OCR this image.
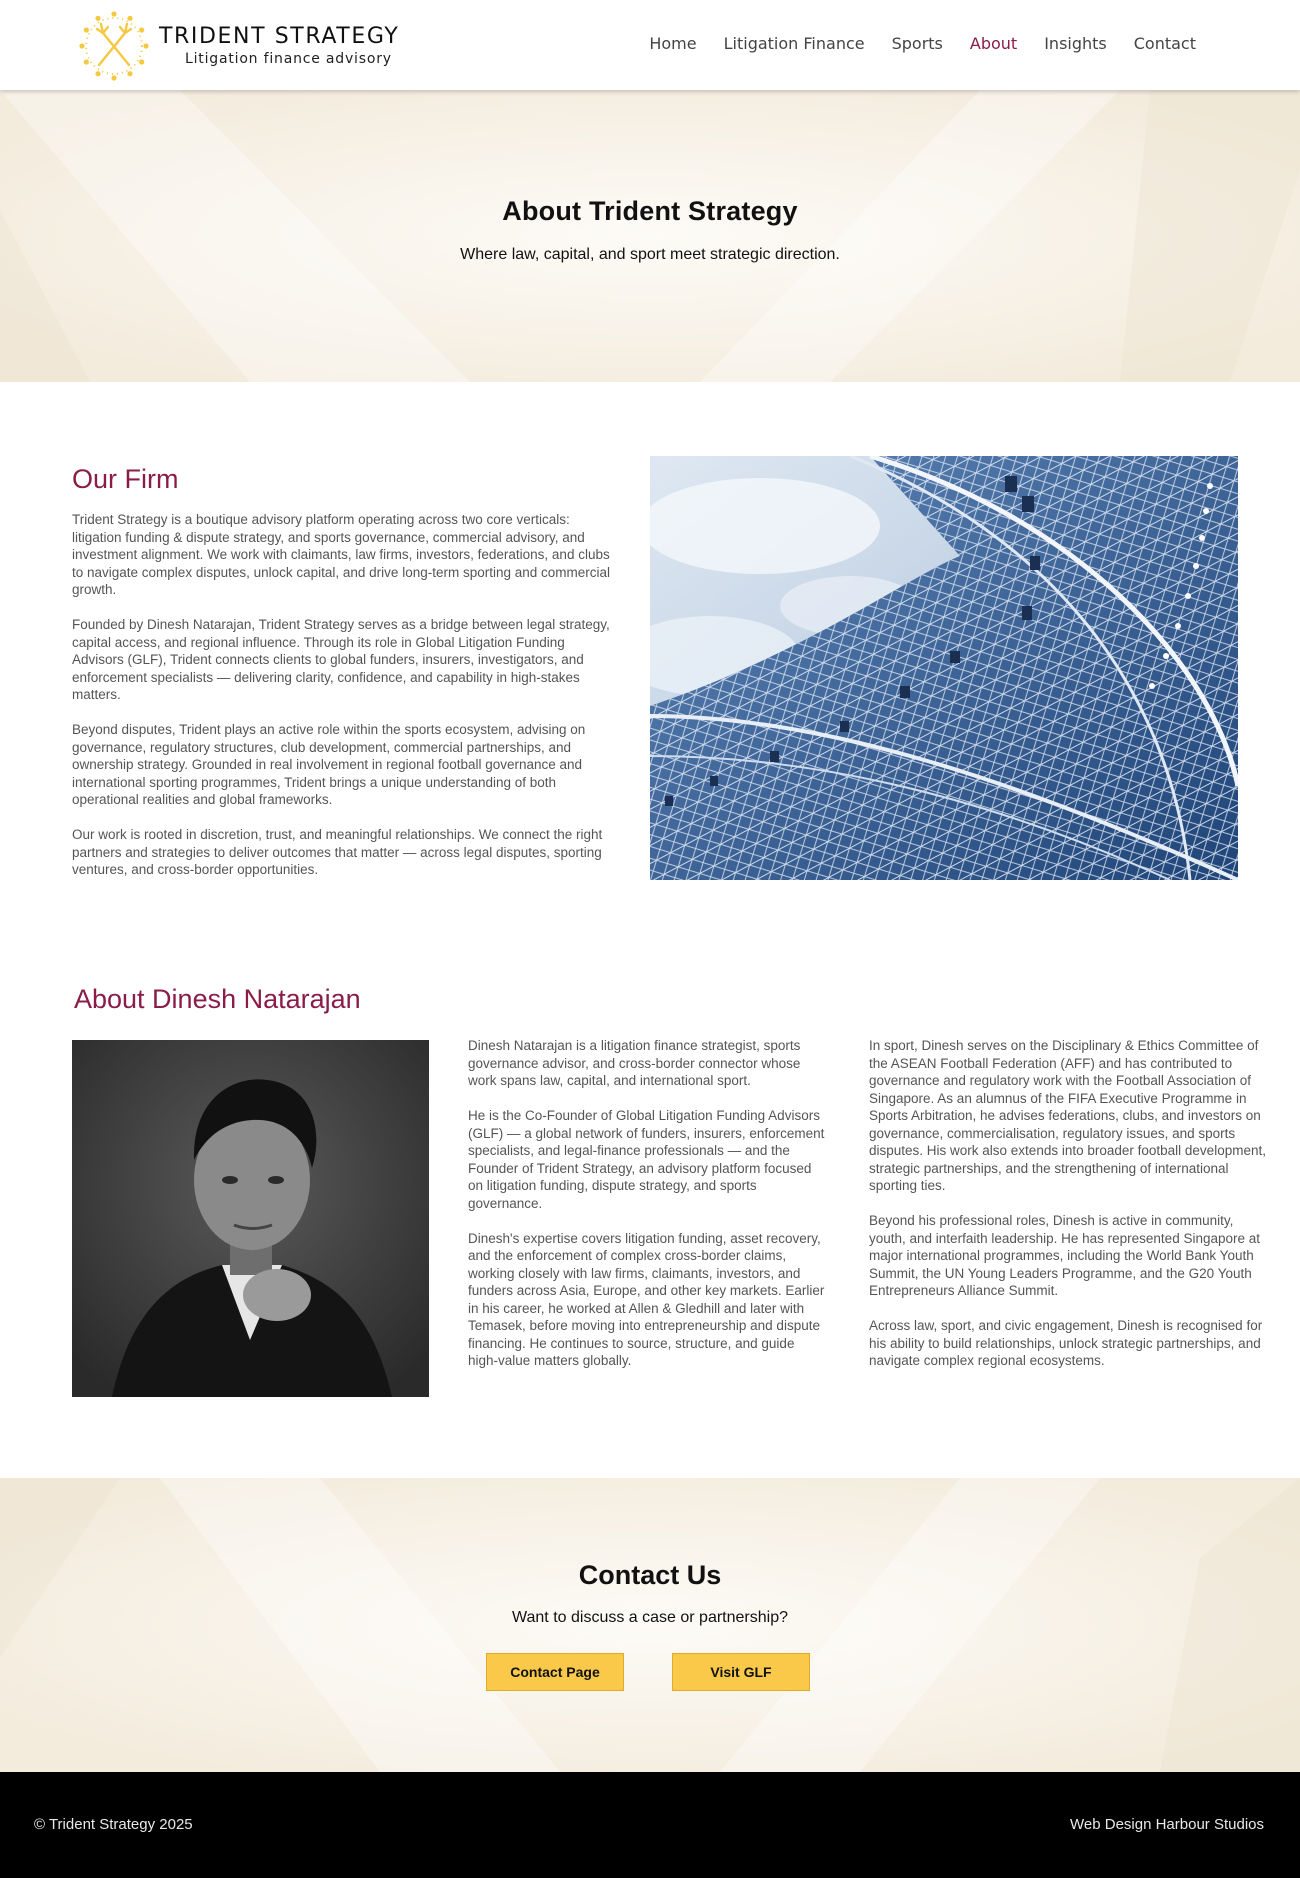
TRIDENT STRATEGY
Litigation finance advisory
Home Litigation Finance Sports About Insights Contact
About Trident Strategy

Where law, capital, and sport meet strategic direction.

Our Firm

Trident Strategy is a boutique advisory platform operating across two core verticals: litigation funding & dispute strategy, and sports governance, commercial advisory, and investment alignment. We work with claimants, law firms, investors, federations, and clubs to navigate complex disputes, unlock capital, and drive long-term sporting and commercial growth.

Founded by Dinesh Natarajan, Trident Strategy serves as a bridge between legal strategy, capital access, and regional influence. Through its role in Global Litigation Funding Advisors (GLF), Trident connects clients to global funders, insurers, investigators, and enforcement specialists — delivering clarity, confidence, and capability in high-stakes matters.

Beyond disputes, Trident plays an active role within the sports ecosystem, advising on governance, regulatory structures, club development, commercial partnerships, and ownership strategy. Grounded in real involvement in regional football governance and international sporting programmes, Trident brings a unique understanding of both operational realities and global frameworks.

Our work is rooted in discretion, trust, and meaningful relationships. We connect the right partners and strategies to deliver outcomes that matter — across legal disputes, sporting ventures, and cross-border opportunities.

About Dinesh Natarajan

Dinesh Natarajan is a litigation finance strategist, sports governance advisor, and cross-border connector whose work spans law, capital, and international sport.

He is the Co-Founder of Global Litigation Funding Advisors (GLF) — a global network of funders, insurers, enforcement specialists, and legal-finance professionals — and the Founder of Trident Strategy, an advisory platform focused on litigation funding, dispute strategy, and sports governance.

Dinesh's expertise covers litigation funding, asset recovery, and the enforcement of complex cross-border claims, working closely with law firms, claimants, investors, and funders across Asia, Europe, and other key markets. Earlier in his career, he worked at Allen & Gledhill and later with Temasek, before moving into entrepreneurship and dispute financing. He continues to source, structure, and guide high-value matters globally.

In sport, Dinesh serves on the Disciplinary & Ethics Committee of the ASEAN Football Federation (AFF) and has contributed to governance and regulatory work with the Football Association of Singapore. As an alumnus of the FIFA Executive Programme in Sports Arbitration, he advises federations, clubs, and investors on governance, commercialisation, regulatory issues, and sports disputes. His work also extends into broader football development, strategic partnerships, and the strengthening of international sporting ties.

Beyond his professional roles, Dinesh is active in community, youth, and interfaith leadership. He has represented Singapore at major international programmes, including the World Bank Youth Summit, the UN Young Leaders Programme, and the G20 Youth Entrepreneurs Alliance Summit.

Across law, sport, and civic engagement, Dinesh is recognised for his ability to build relationships, unlock strategic partnerships, and navigate complex regional ecosystems.

Contact Us

Want to discuss a case or partnership?

Contact Page	Visit GLF
© Trident Strategy 2025	Web Design Harbour Studios
